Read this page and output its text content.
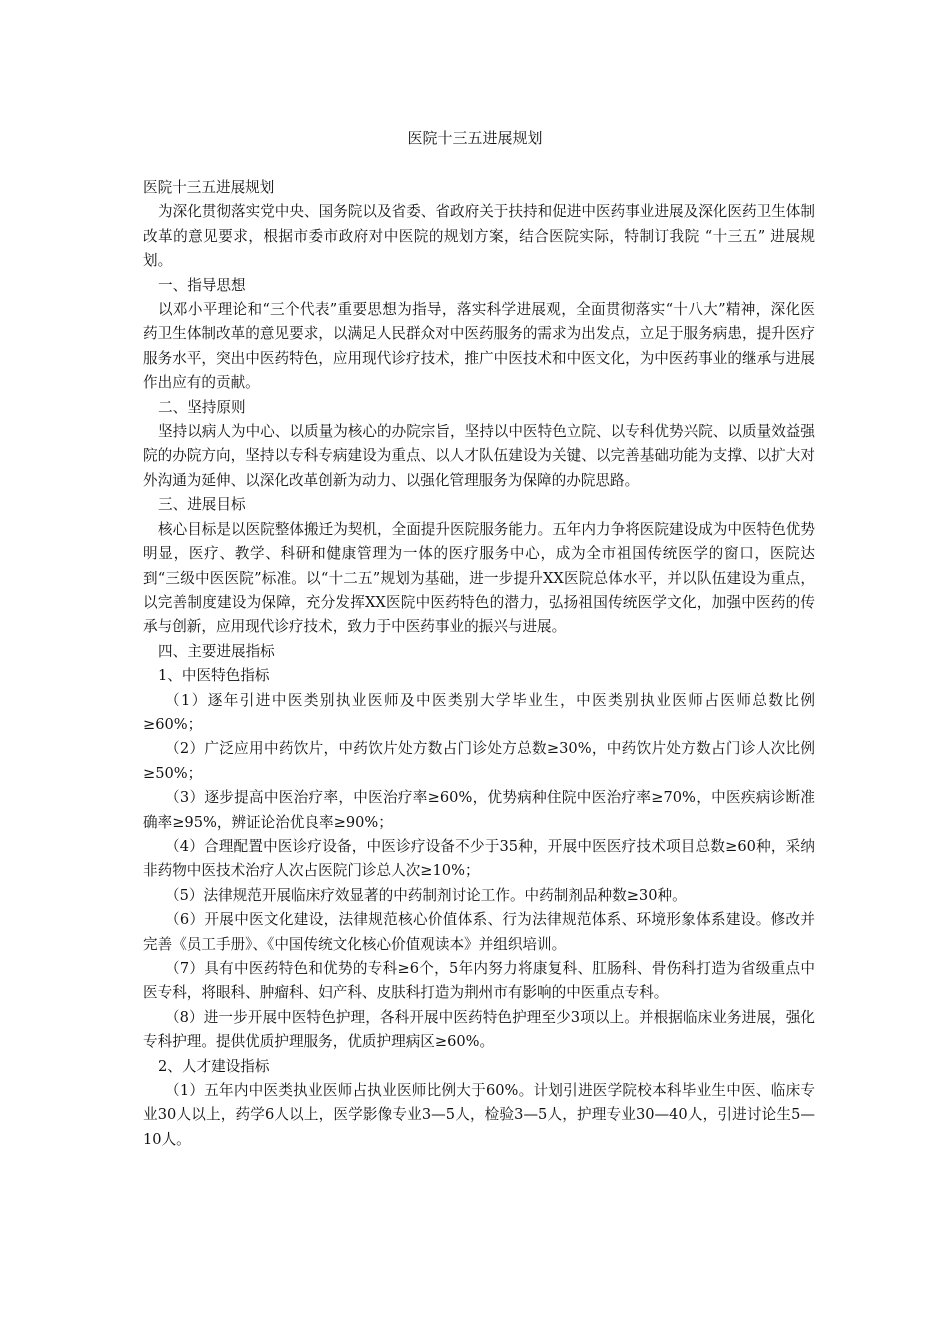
医院十三五进展规划

医院十三五进展规划

为深化贯彻落实党中央、国务院以及省委、省政府关于扶持和促进中医药事业进展及深化医药卫生体制改革的意见要求，根据市委市政府对中医院的规划方案，结合医院实际，特制订我院 “十三五” 进展规划。

一、指导思想

以邓小平理论和“三个代表”重要思想为指导，落实科学进展观，全面贯彻落实“十八大”精神，深化医药卫生体制改革的意见要求，以满足人民群众对中医药服务的需求为出发点，立足于服务病患，提升医疗服务水平，突出中医药特色，应用现代诊疗技术，推广中医技术和中医文化，为中医药事业的继承与进展作出应有的贡献。

二、坚持原则

坚持以病人为中心、以质量为核心的办院宗旨，坚持以中医特色立院、以专科优势兴院、以质量效益强院的办院方向，坚持以专科专病建设为重点、以人才队伍建设为关键、以完善基础功能为支撑、以扩大对外沟通为延伸、以深化改革创新为动力、以强化管理服务为保障的办院思路。

三、进展目标

核心目标是以医院整体搬迁为契机，全面提升医院服务能力。五年内力争将医院建设成为中医特色优势明显，医疗、教学、科研和健康管理为一体的医疗服务中心，成为全市祖国传统医学的窗口，医院达到“三级中医医院”标准。以“十二五”规划为基础，进一步提升XX医院总体水平，并以队伍建设为重点，以完善制度建设为保障，充分发挥XX医院中医药特色的潜力，弘扬祖国传统医学文化，加强中医药的传承与创新，应用现代诊疗技术，致力于中医药事业的振兴与进展。

四、主要进展指标

1、中医特色指标

（1）逐年引进中医类别执业医师及中医类别大学毕业生，中医类别执业医师占医师总数比例≥60%；

（2）广泛应用中药饮片，中药饮片处方数占门诊处方总数≥30%，中药饮片处方数占门诊人次比例≥50%；

（3）逐步提高中医治疗率，中医治疗率≥60%，优势病种住院中医治疗率≥70%，中医疾病诊断准确率≥95%，辨证论治优良率≥90%；

（4）合理配置中医诊疗设备，中医诊疗设备不少于35种，开展中医医疗技术项目总数≥60种，采纳非药物中医技术治疗人次占医院门诊总人次≥10%；

（5）法律规范开展临床疗效显著的中药制剂讨论工作。中药制剂品种数≥30种。

（6）开展中医文化建设，法律规范核心价值体系、行为法律规范体系、环境形象体系建设。修改并完善《员工手册》、《中国传统文化核心价值观读本》并组织培训。

（7）具有中医药特色和优势的专科≥6个，5年内努力将康复科、肛肠科、骨伤科打造为省级重点中医专科，将眼科、肿瘤科、妇产科、皮肤科打造为荆州市有影响的中医重点专科。

（8）进一步开展中医特色护理，各科开展中医药特色护理至少3项以上。并根据临床业务进展，强化专科护理。提供优质护理服务，优质护理病区≥60%。

2、人才建设指标

（1）五年内中医类执业医师占执业医师比例大于60%。计划引进医学院校本科毕业生中医、临床专业30人以上，药学6人以上，医学影像专业3—5人，检验3—5人，护理专业30—40人，引进讨论生5—10人。
